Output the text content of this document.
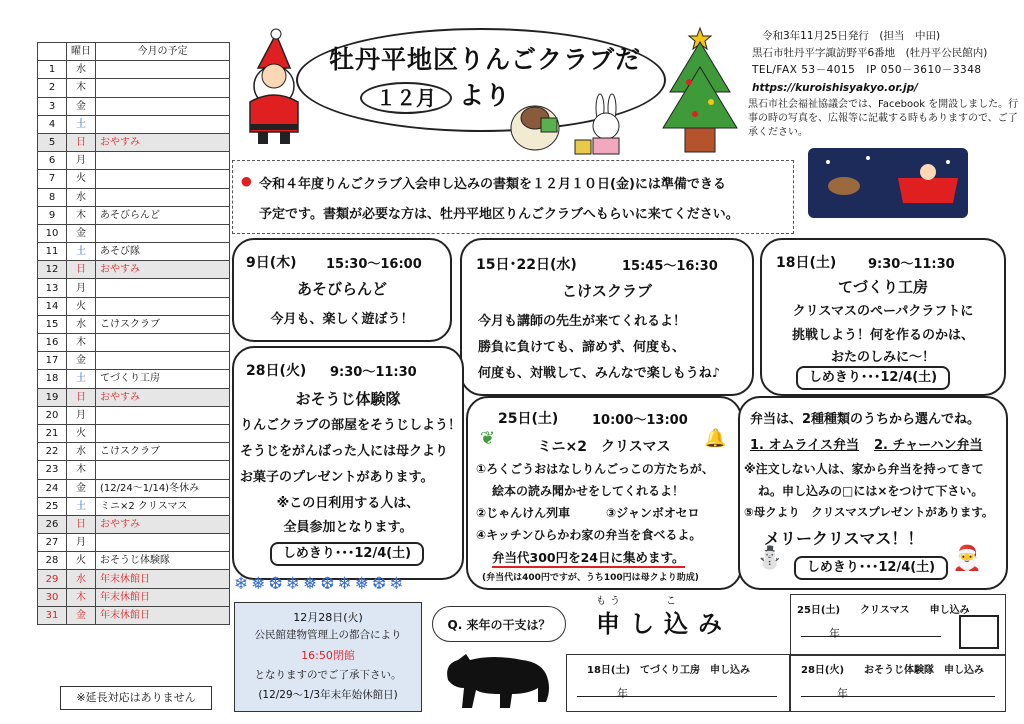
	曜日	今月の予定
1	水	
2	木	
3	金	
4	土	
5	日	おやすみ
6	月	
7	火	
8	水	
9	木	あそびらんど
10	金	
11	土	あそび隊
12	日	おやすみ
13	月	
14	火	
15	水	こけスクラブ
16	木	
17	金	
18	土	てづくり工房
19	日	おやすみ
20	月	
21	火	
22	水	こけスクラブ
23	木	
24	金	(12/24～1/14)冬休み
25	土	ミニ×2 クリスマス
26	日	おやすみ
27	月	
28	火	おそうじ体験隊
29	水	年末休館日
30	木	年末休館日
31	金	年末休館日
※延長対応はありません
牡丹平地区りんごクラブだより
１２月
令和3年11月25日発行　(担当　中田)
黒石市牡丹平字諏訪野平6番地　(牡丹平公民館内)
TEL/FAX 53－4015　IP 050－3610－3348
https://kuroishisyakyo.or.jp/
黒石市社会福祉協議会では、Facebook を開設しました。行事の時の写真を、広報等に記載する時もありますので、ご了承ください。
● 令和４年度りんごクラブ入会申し込みの書類を１２月１０日(金)には準備できる
予定です。書類が必要な方は、牡丹平地区りんごクラブへもらいに来てください。
9日(木) 15:30～16:00
あそびらんど
今月も、楽しく遊ぼう！
15日･22日(水)	15:45～16:30
こけスクラブ
今月も講師の先生が来てくれるよ！
勝負に負けても、諦めず、何度も、
何度も、対戦して、みんなで楽しもうね♪
18日(土) 9:30～11:30
てづくり工房
クリスマスのペーパクラフトに
挑戦しよう！何を作るのかは、
おたのしみに～！
しめきり･･･12/4(土)
28日(火) 9:30～11:30
おそうじ体験隊
りんごクラブの部屋をそうじしよう！
そうじをがんばった人には母クより
お菓子のプレゼントがあります。
※この日利用する人は、
全員参加となります。
しめきり･･･12/4(土)
25日(土)	10:00～13:00
❦	ミニ×2　クリスマス	🔔
①ろくごうおはなしりんごっこの方たちが、
絵本の読み聞かせをしてくれるよ！
②じゃんけん列車	③ジャンボオセロ
④キッチンひらかわ家の弁当を食べるよ。
弁当代300円を24日に集めます。
(弁当代は400円ですが、うち100円は母クより助成)
弁当は、2種種類のうちから選んでね。
1. オムライス弁当 2. チャーハン弁当
※注文しない人は、家から弁当を持ってきて
ね。申し込みの□には×をつけて下さい。
⑤母クより　クリスマスプレゼントがあります。
メリークリスマス！！
⛄	しめきり･･･12/4(土) 🎅
❄❅❆❄❅❆❄❅❆❄
12月28日(火)
公民館建物管理上の都合により
16:50閉館
となりますのでご了承下さい。
(12/29～1/3年末年始休館日)
Q. 来年の干支は？
もう　　　こ
申し込み	25日(土)　　クリスマス　　申し込み
年
18日(土)　てづくり工房　申し込み
年
28日(火)　　おそうじ体験隊　申し込み
年
